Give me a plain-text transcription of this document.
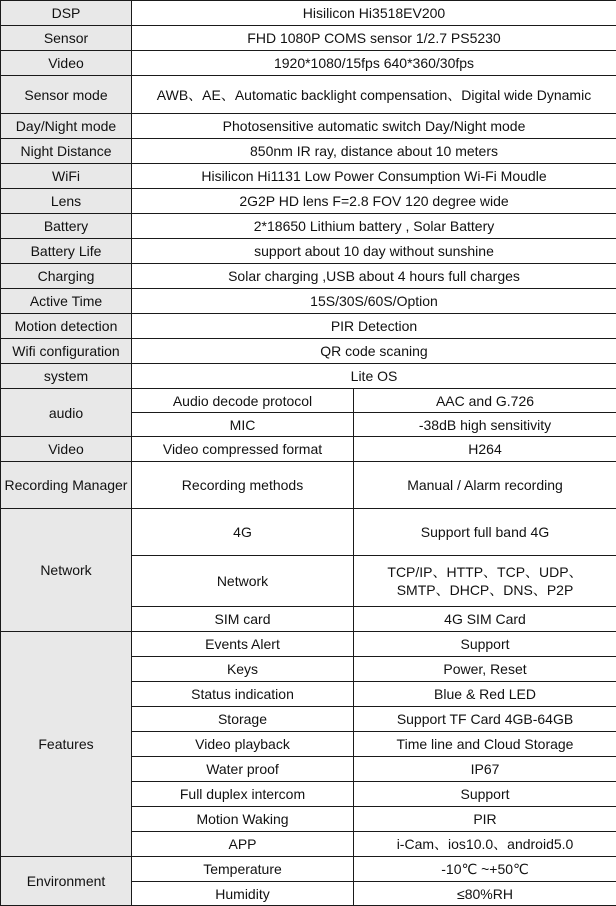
DSP	Hisilicon Hi3518EV200	
Sensor	FHD 1080P COMS sensor 1/2.7 PS5230	
Video	1920*1080/15fps 640*360/30fps	
Sensor mode	AWB、AE、Automatic backlight compensation、Digital wide Dynamic	
Day/Night mode	Photosensitive automatic switch Day/Night mode	
Night Distance	850nm IR ray, distance about 10 meters	
WiFi	Hisilicon Hi1131 Low Power Consumption Wi-Fi Moudle	
Lens	2G2P HD lens F=2.8 FOV 120 degree wide	
Battery	2*18650 Lithium battery , Solar Battery	
Battery Life	support about 10 day without sunshine	
Charging	Solar charging ,USB about 4 hours full charges	
Active Time	15S/30S/60S/Option	
Motion detection	PIR Detection	
Wifi configuration	QR code scaning	
system	Lite OS	
audio	Audio decode protocol	AAC and G.726
	MIC	-38dB high sensitivity
Video	Video compressed format	H264
Recording Manager	Recording methods	Manual / Alarm recording
Network	4G	Support full band 4G
	Network	TCP/IP、HTTP、TCP、UDP、SMTP、DHCP、DNS、P2P
	SIM card	4G SIM Card
Features	Events Alert	Support
	Keys	Power, Reset
	Status indication	Blue & Red LED
	Storage	Support TF Card 4GB-64GB
	Video playback	Time line and Cloud Storage
	Water proof	IP67
	Full duplex intercom	Support
	Motion Waking	PIR
	APP	i-Cam、ios10.0、android5.0
Environment	Temperature	-10℃ ~+50℃
	Humidity	≤80%RH
